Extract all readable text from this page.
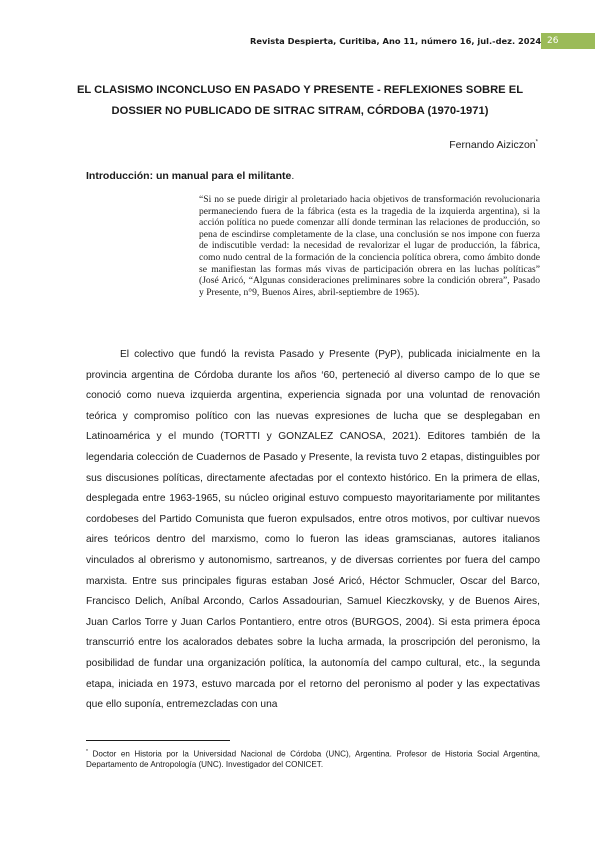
Revista Despierta, Curitiba, Ano 11, número 16, jul.-dez. 2024 26
EL CLASISMO INCONCLUSO EN PASADO Y PRESENTE - REFLEXIONES SOBRE EL DOSSIER NO PUBLICADO DE SITRAC SITRAM, CÓRDOBA (1970-1971)
Fernando Aiziczon*
Introducción: un manual para el militante.
“Si no se puede dirigir al proletariado hacia objetivos de transformación revolucionaria permaneciendo fuera de la fábrica (esta es la tragedia de la izquierda argentina), si la acción política no puede comenzar allí donde terminan las relaciones de producción, so pena de escindirse completamente de la clase, una conclusión se nos impone con fuerza de indiscutible verdad: la necesidad de revalorizar el lugar de producción, la fábrica, como nudo central de la formación de la conciencia política obrera, como ámbito donde se manifiestan las formas más vivas de participación obrera en las luchas políticas” (José Aricó, “Algunas consideraciones preliminares sobre la condición obrera”, Pasado y Presente, n°9, Buenos Aires, abril-septiembre de 1965).

El colectivo que fundó la revista Pasado y Presente (PyP), publicada inicialmente en la provincia argentina de Córdoba durante los años ‘60, perteneció al diverso campo de lo que se conoció como nueva izquierda argentina, experiencia signada por una voluntad de renovación teórica y compromiso político con las nuevas expresiones de lucha que se desplegaban en Latinoamérica y el mundo (TORTTI y GONZALEZ CANOSA, 2021). Editores también de la legendaria colección de Cuadernos de Pasado y Presente, la revista tuvo 2 etapas, distinguibles por sus discusiones políticas, directamente afectadas por el contexto histórico. En la primera de ellas, desplegada entre 1963-1965, su núcleo original estuvo compuesto mayoritariamente por militantes cordobeses del Partido Comunista que fueron expulsados, entre otros motivos, por cultivar nuevos aires teóricos dentro del marxismo, como lo fueron las ideas gramscianas, autores italianos vinculados al obrerismo y autonomismo, sartreanos, y de diversas corrientes por fuera del campo marxista. Entre sus principales figuras estaban José Aricó, Héctor Schmucler, Oscar del Barco, Francisco Delich, Aníbal Arcondo, Carlos Assadourian, Samuel Kieczkovsky, y de Buenos Aires, Juan Carlos Torre y Juan Carlos Pontantiero, entre otros (BURGOS, 2004). Si esta primera época transcurrió entre los acalorados debates sobre la lucha armada, la proscripción del peronismo, la posibilidad de fundar una organización política, la autonomía del campo cultural, etc., la segunda etapa, iniciada en 1973, estuvo marcada por el retorno del peronismo al poder y las expectativas que ello suponía, entremezcladas con una

* Doctor en Historia por la Universidad Nacional de Córdoba (UNC), Argentina. Profesor de Historia Social Argentina, Departamento de Antropología (UNC). Investigador del CONICET.
